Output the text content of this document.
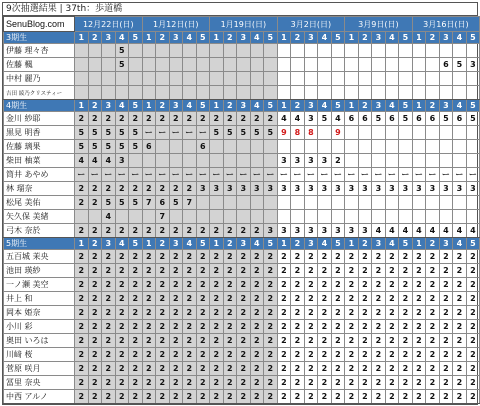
9次抽選結果 | 37th：歩道橋
SenuBlog.com	12月22日(日)					1月12日(日)					1月19日(日)					3月2日(日)					3月9日(日)					3月16日(日)				
3期生	1	2	3	4	5	1	2	3	4	5	1	2	3	4	5	1	2	3	4	5	1	2	3	4	5	1	2	3	4	5
伊藤 理々杏				5																										
佐藤 楓				5																								6	5	3
中村 麗乃																														
吉田 綾乃クリスティー																														
4期生	1	2	3	4	5	1	2	3	4	5	1	2	3	4	5	1	2	3	4	5	1	2	3	4	5	1	2	3	4	5
金川 紗耶	2	2	2	2	2	2	2	2	2	2	2	2	2	2	2	4	4	3	5	4	6	6	5	6	5	6	6	5	6	5
黒見 明香	5	5	5	5	5	ー	ー	ー	ー	ー	5	5	5	5	5	9	8	8		9										
佐藤 璃果	5	5	5	5	5	6				6																				
柴田 柚菜	4	4	4	3												3	3	3	3	2										
筒井 あやめ	ー	ー	ー	ー	ー	ー	ー	ー	ー	ー	ー	ー	ー	ー	ー	ー	ー	ー	ー	ー	ー	ー	ー	ー	ー	ー	ー	ー	ー	ー
林 瑠奈	2	2	2	2	2	2	2	2	2	3	3	3	3	3	3	3	3	3	3	3	3	3	3	3	3	3	3	3	3	3
松尾 美佑	2	2	5	5	5	7	6	5	7																					
矢久保 美緒			4				7																							
弓木 奈於	2	2	2	2	2	2	2	2	2	2	2	2	2	2	3	3	3	3	3	3	3	3	4	4	4	4	4	4	4	4
5期生	1	2	3	4	5	1	2	3	4	5	1	2	3	4	5	1	2	3	4	5	1	2	3	4	5	1	2	3	4	5
五百城 茉央	2	2	2	2	2	2	2	2	2	2	2	2	2	2	2	2	2	2	2	2	2	2	2	2	2	2	2	2	2	2
池田 瑛紗	2	2	2	2	2	2	2	2	2	2	2	2	2	2	2	2	2	2	2	2	2	2	2	2	2	2	2	2	2	2
一ノ瀬 美空	2	2	2	2	2	2	2	2	2	2	2	2	2	2	2	2	2	2	2	2	2	2	2	2	2	2	2	2	2	2
井上 和	2	2	2	2	2	2	2	2	2	2	2	2	2	2	2	2	2	2	2	2	2	2	2	2	2	2	2	2	2	2
岡本 姫奈	2	2	2	2	2	2	2	2	2	2	2	2	2	2	2	2	2	2	2	2	2	2	2	2	2	2	2	2	2	2
小川 彩	2	2	2	2	2	2	2	2	2	2	2	2	2	2	2	2	2	2	2	2	2	2	2	2	2	2	2	2	2	2
奥田 いろは	2	2	2	2	2	2	2	2	2	2	2	2	2	2	2	2	2	2	2	2	2	2	2	2	2	2	2	2	2	2
川﨑 桜	2	2	2	2	2	2	2	2	2	2	2	2	2	2	2	2	2	2	2	2	2	2	2	2	2	2	2	2	2	2
菅原 咲月	2	2	2	2	2	2	2	2	2	2	2	2	2	2	2	2	2	2	2	2	2	2	2	2	2	2	2	2	2	2
冨里 奈央	2	2	2	2	2	2	2	2	2	2	2	2	2	2	2	2	2	2	2	2	2	2	2	2	2	2	2	2	2	2
中西 アルノ	2	2	2	2	2	2	2	2	2	2	2	2	2	2	2	2	2	2	2	2	2	2	2	2	2	2	2	2	2	2
